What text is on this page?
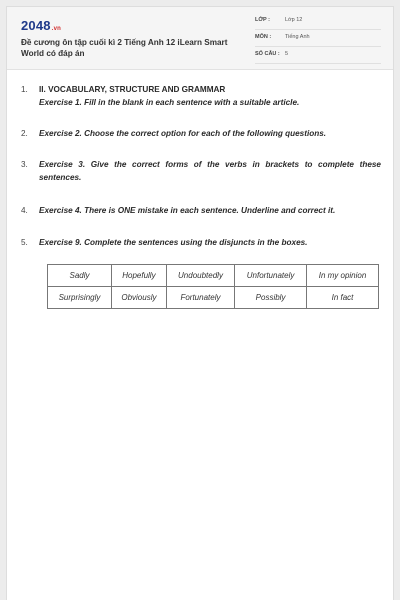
2048.vn
Đề cương ôn tập cuối kì 2 Tiếng Anh 12 iLearn Smart World có đáp án
LỚP :	Lớp 12
MÔN :	Tiếng Anh
SỐ CÂU : 5
1. II. VOCABULARY, STRUCTURE AND GRAMMAR
Exercise 1. Fill in the blank in each sentence with a suitable article.
2. Exercise 2. Choose the correct option for each of the following questions.
3. Exercise 3. Give the correct forms of the verbs in brackets to complete these sentences.
4. Exercise 4. There is ONE mistake in each sentence. Underline and correct it.
5. Exercise 9. Complete the sentences using the disjuncts in the boxes.
Sadly	Hopefully	Undoubtedly	Unfortunately	In my opinion
Surprisingly	Obviously	Fortunately	Possibly	In fact
